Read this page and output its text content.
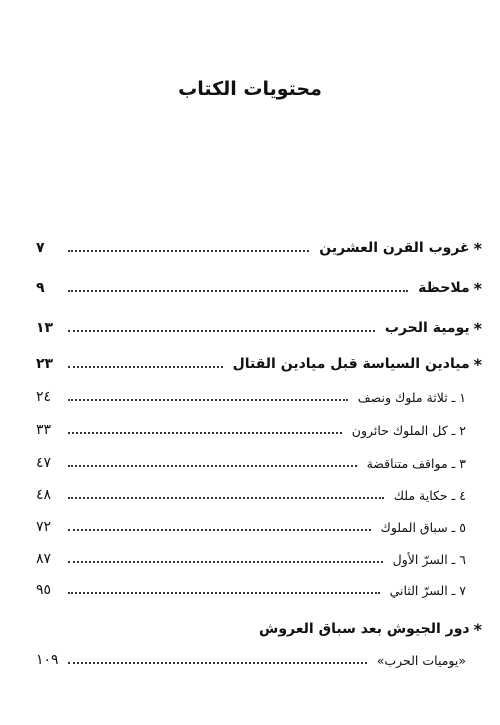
محتويات الكتاب
*
غروب القرن العشرين
٧
*
ملاحظة
٩
*
يومية الحرب
١٣
*
ميادين السياسة قبل ميادين القتال
٢٣
١ ـ ثلاثة ملوك ونصف
٢٤
٢ ـ كل الملوك حائرون
٣٣
٣ ـ مواقف متناقضة
٤٧
٤ ـ حكاية ملك
٤٨
٥ ـ سباق الملوك
٧٢
٦ ـ السرّ الأول
٨٧
٧ ـ السرّ الثاني
٩٥
*
دور الجيوش بعد سباق العروش
«يوميات الحرب»
١٠٩
